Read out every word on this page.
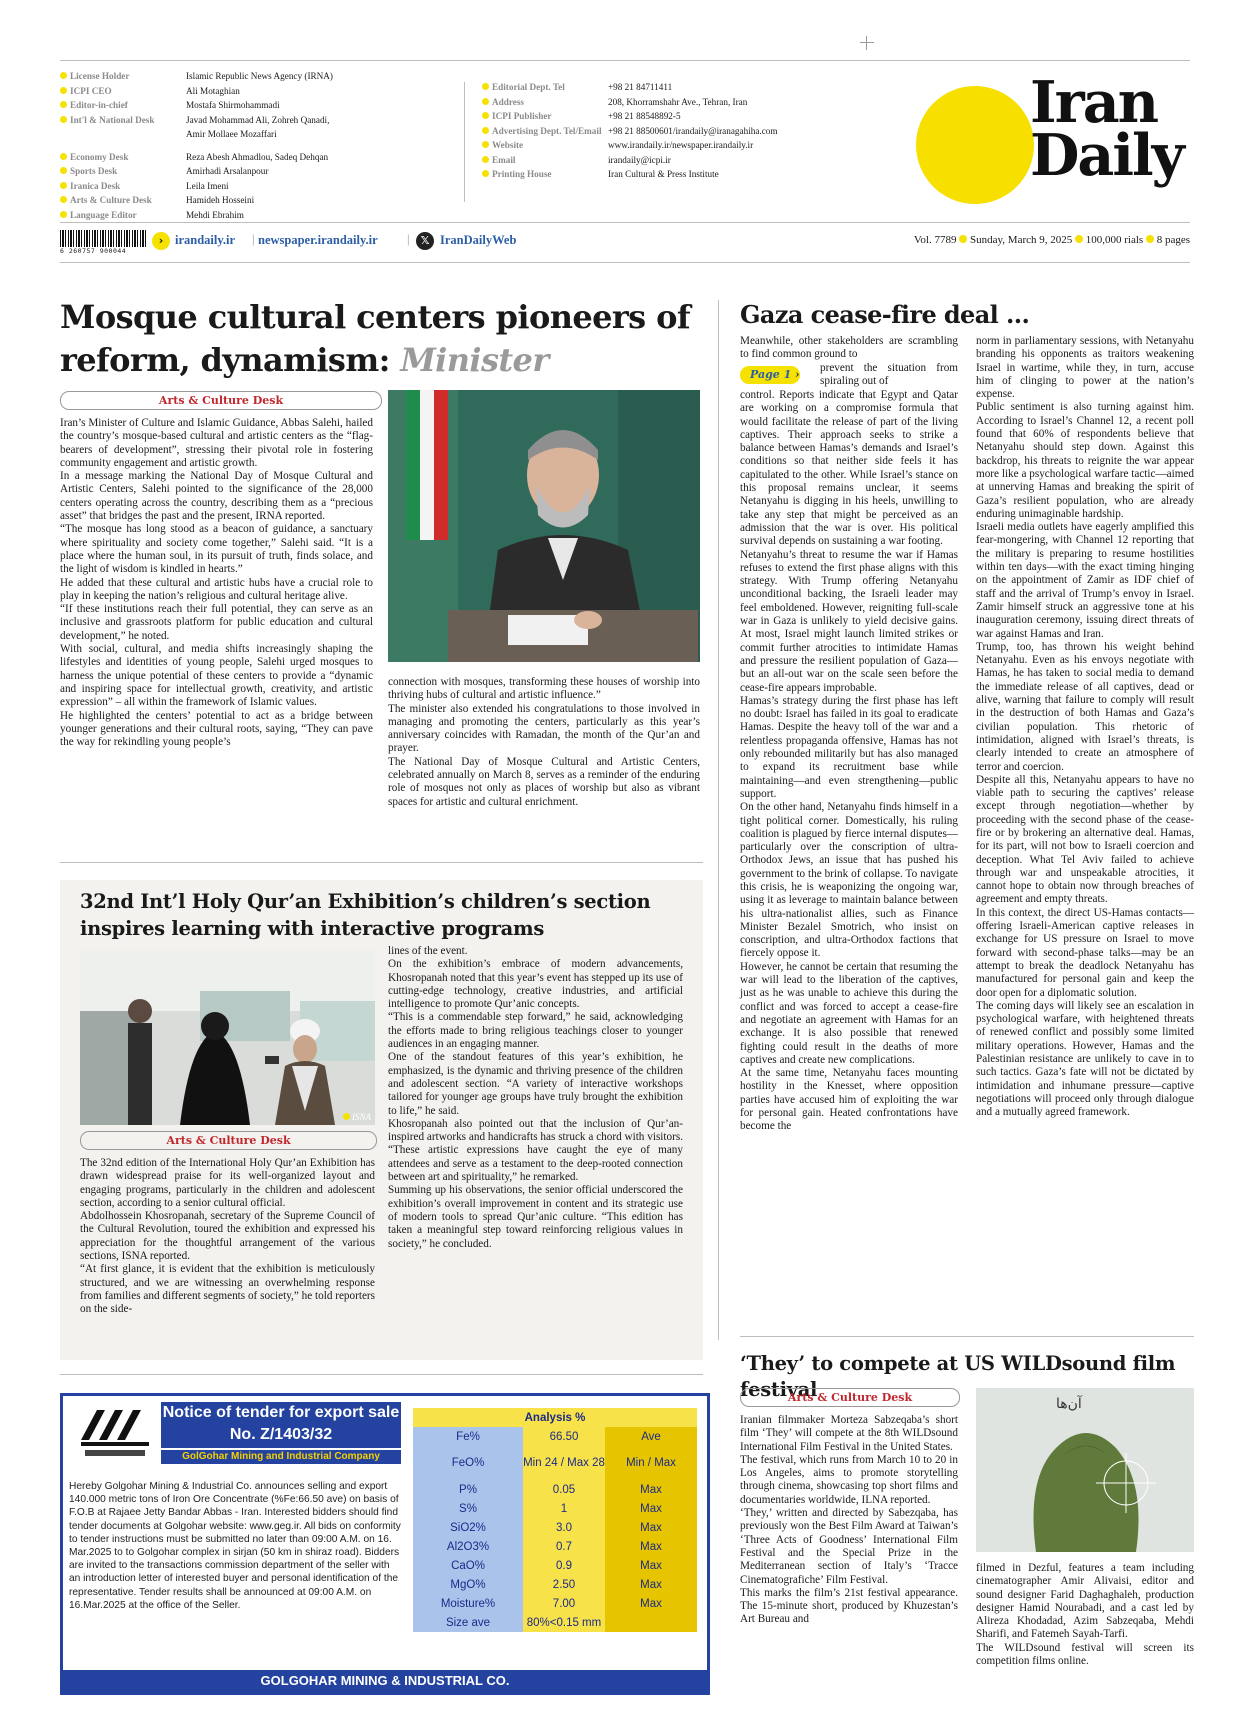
License Holder	Islamic Republic News Agency (IRNA)
ICPI CEO	Ali Motaghian
Editor-in-chief	Mostafa Shirmohammadi
Int'l & National Desk	Javad Mohammad Ali, Zohreh Qanadi,
Amir Mollaee Mozaffari
Economy Desk	Reza Abesh Ahmadlou, Sadeq Dehqan
Sports Desk	Amirhadi Arsalanpour
Iranica Desk	Leila Imeni
Arts & Culture Desk	Hamideh Hosseini
Language Editor	Mehdi Ebrahim
Editorial Dept. Tel	+98 21 84711411
Address	208, Khorramshahr Ave., Tehran, Iran
ICPI Publisher	+98 21 88548892-5
Advertising Dept. Tel/Email +98 21 88500601/irandaily@iranagahiha.com
Website	www.irandaily.ir/newspaper.irandaily.ir
Email	irandaily@icpi.ir
Printing House	Iran Cultural & Press Institute
Iran
Daily
6 260757 900044
› irandaily.ir | newspaper.irandaily.ir |	𝕏 IranDailyWeb	Vol. 7789 Sunday, March 9, 2025 100,000 rials 8 pages
Mosque cultural centers pioneers of reform, dynamism: Minister
Arts & Culture Desk

Iran’s Minister of Culture and Islamic Guidance, Abbas Salehi, hailed the country’s mosque-based cultural and artistic centers as the “flag-bearers of development”, stressing their pivotal role in fostering community engagement and artistic growth.

In a message marking the National Day of Mosque Cultural and Artistic Centers, Salehi pointed to the significance of the 28,000 centers operating across the country, describing them as a “precious asset” that bridges the past and the present, IRNA reported.

“The mosque has long stood as a beacon of guidance, a sanctuary where spirituality and society come together,” Salehi said. “It is a place where the human soul, in its pursuit of truth, finds solace, and the light of wisdom is kindled in hearts.”

He added that these cultural and artistic hubs have a crucial role to play in keeping the nation’s religious and cultural heritage alive.

“If these institutions reach their full potential, they can serve as an inclusive and grassroots platform for public education and cultural development,” he noted.

With social, cultural, and media shifts increasingly shaping the lifestyles and identities of young people, Salehi urged mosques to harness the unique potential of these centers to provide a “dynamic and inspiring space for intellectual growth, creativity, and artistic expression” – all within the framework of Islamic values.

He highlighted the centers’ potential to act as a bridge between younger generations and their cultural roots, saying, “They can pave the way for rekindling young people’s

connection with mosques, transforming these houses of worship into thriving hubs of cultural and artistic influence.”

The minister also extended his congratulations to those involved in managing and promoting the centers, particularly as this year’s anniversary coincides with Ramadan, the month of the Qur’an and prayer.

The National Day of Mosque Cultural and Artistic Centers, celebrated annually on March 8, serves as a reminder of the enduring role of mosques not only as places of worship but also as vibrant spaces for artistic and cultural enrichment.

32nd Int’l Holy Qur’an Exhibition’s children’s section inspires learning with interactive programs
ISNA
Arts & Culture Desk

The 32nd edition of the International Holy Qur’an Exhibition has drawn widespread praise for its well-organized layout and engaging programs, particularly in the children and adolescent section, according to a senior cultural official.

Abdolhossein Khosropanah, secretary of the Supreme Council of the Cultural Revolution, toured the exhibition and expressed his appreciation for the thoughtful arrangement of the various sections, ISNA reported.

“At first glance, it is evident that the exhibition is meticulously structured, and we are witnessing an overwhelming response from families and different segments of society,” he told reporters on the side-

lines of the event.

On the exhibition’s embrace of modern advancements, Khosropanah noted that this year’s event has stepped up its use of cutting-edge technology, creative industries, and artificial intelligence to promote Qur’anic concepts.

“This is a commendable step forward,” he said, acknowledging the efforts made to bring religious teachings closer to younger audiences in an engaging manner.

One of the standout features of this year’s exhibition, he emphasized, is the dynamic and thriving presence of the children and adolescent section. “A variety of interactive workshops tailored for younger age groups have truly brought the exhibition to life,” he said.

Khosropanah also pointed out that the inclusion of Qur’an-inspired artworks and handicrafts has struck a chord with visitors. “These artistic expressions have caught the eye of many attendees and serve as a testament to the deep-rooted connection between art and spirituality,” he remarked.

Summing up his observations, the senior official underscored the exhibition’s overall improvement in content and its strategic use of modern tools to spread Qur’anic culture. “This edition has taken a meaningful step toward reinforcing religious values in society,” he concluded.

Notice of tender for export sale No. Z/1403/32
GolGohar Mining and Industrial Company
Hereby Golgohar Mining & Industrial Co. announces selling and export 140.000 metric tons of Iron Ore Concentrate (%Fe:66.50 ave) on basis of F.O.B at Rajaee Jetty Bandar Abbas - Iran. Interested bidders should find tender documents at Golgohar website: www.geg.ir. All bids on conformity to tender instructions must be submitted no later than 09:00 A.M. on 16. Mar.2025 to to Golgohar complex in sirjan (50 km in shiraz road). Bidders are invited to the transactions commission department of the seller with an introduction letter of interested buyer and personal identification of the representative. Tender results shall be announced at 09:00 A.M. on 16.Mar.2025 at the office of the Seller.
Analysis %		
Fe%	66.50	Ave
FeO%	Min 24 / Max 28	Min / Max
P%	0.05	Max
S%	1	Max
SiO2%	3.0	Max
Al2O3%	0.7	Max
CaO%	0.9	Max
MgO%	2.50	Max
Moisture%	7.00	Max
Size ave	80%<0.15 mm	
GOLGOHAR MINING & INDUSTRIAL CO.
Gaza cease-fire deal ...

Meanwhile, other stakeholders are scrambling to find common ground to

Page 1 › prevent the situation from spiraling out of

control. Reports indicate that Egypt and Qatar are working on a compromise formula that would facilitate the release of part of the living captives. Their approach seeks to strike a balance between Hamas’s demands and Israel’s conditions so that neither side feels it has capitulated to the other. While Israel’s stance on this proposal remains unclear, it seems Netanyahu is digging in his heels, unwilling to take any step that might be perceived as an admission that the war is over. His political survival depends on sustaining a war footing.

Netanyahu’s threat to resume the war if Hamas refuses to extend the first phase aligns with this strategy. With Trump offering Netanyahu unconditional backing, the Israeli leader may feel emboldened. However, reigniting full-scale war in Gaza is unlikely to yield decisive gains. At most, Israel might launch limited strikes or commit further atrocities to intimidate Hamas and pressure the resilient population of Gaza—but an all-out war on the scale seen before the cease-fire appears improbable.

Hamas’s strategy during the first phase has left no doubt: Israel has failed in its goal to eradicate Hamas. Despite the heavy toll of the war and a relentless propaganda offensive, Hamas has not only rebounded militarily but has also managed to expand its recruitment base while maintaining—and even strengthening—public support.

On the other hand, Netanyahu finds himself in a tight political corner. Domestically, his ruling coalition is plagued by fierce internal disputes—particularly over the conscription of ultra-Orthodox Jews, an issue that has pushed his government to the brink of collapse. To navigate this crisis, he is weaponizing the ongoing war, using it as leverage to maintain balance between his ultra-nationalist allies, such as Finance Minister Bezalel Smotrich, who insist on conscription, and ultra-Orthodox factions that fiercely oppose it.

However, he cannot be certain that resuming the war will lead to the liberation of the captives, just as he was unable to achieve this during the conflict and was forced to accept a cease-fire and negotiate an agreement with Hamas for an exchange. It is also possible that renewed fighting could result in the deaths of more captives and create new complications.

At the same time, Netanyahu faces mounting hostility in the Knesset, where opposition parties have accused him of exploiting the war for personal gain. Heated confrontations have become the

norm in parliamentary sessions, with Netanyahu branding his opponents as traitors weakening Israel in wartime, while they, in turn, accuse him of clinging to power at the nation’s expense.

Public sentiment is also turning against him. According to Israel’s Channel 12, a recent poll found that 60% of respondents believe that Netanyahu should step down. Against this backdrop, his threats to reignite the war appear more like a psychological warfare tactic—aimed at unnerving Hamas and breaking the spirit of Gaza’s resilient population, who are already enduring unimaginable hardship.

Israeli media outlets have eagerly amplified this fear-mongering, with Channel 12 reporting that the military is preparing to resume hostilities within ten days—with the exact timing hinging on the appointment of Zamir as IDF chief of staff and the arrival of Trump’s envoy in Israel. Zamir himself struck an aggressive tone at his inauguration ceremony, issuing direct threats of war against Hamas and Iran.

Trump, too, has thrown his weight behind Netanyahu. Even as his envoys negotiate with Hamas, he has taken to social media to demand the immediate release of all captives, dead or alive, warning that failure to comply will result in the destruction of both Hamas and Gaza’s civilian population. This rhetoric of intimidation, aligned with Israel’s threats, is clearly intended to create an atmosphere of terror and coercion.

Despite all this, Netanyahu appears to have no viable path to securing the captives’ release except through negotiation—whether by proceeding with the second phase of the cease-fire or by brokering an alternative deal. Hamas, for its part, will not bow to Israeli coercion and deception. What Tel Aviv failed to achieve through war and unspeakable atrocities, it cannot hope to obtain now through breaches of agreement and empty threats.

In this context, the direct US-Hamas contacts—offering Israeli-American captive releases in exchange for US pressure on Israel to move forward with second-phase talks—may be an attempt to break the deadlock Netanyahu has manufactured for personal gain and keep the door open for a diplomatic solution.

The coming days will likely see an escalation in psychological warfare, with heightened threats of renewed conflict and possibly some limited military operations. However, Hamas and the Palestinian resistance are unlikely to cave in to such tactics. Gaza’s fate will not be dictated by intimidation and inhumane pressure—captive negotiations will proceed only through dialogue and a mutually agreed framework.

‘They’ to compete at US WILDsound film festival
Arts & Culture Desk	آن‌ها

Iranian filmmaker Morteza Sabzeqaba’s short film ‘They’ will compete at the 8th WILDsound International Film Festival in the United States.

The festival, which runs from March 10 to 20 in Los Angeles, aims to promote storytelling through cinema, showcasing top short films and documentaries worldwide, ILNA reported.

‘They,’ written and directed by Sabezqaba, has previously won the Best Film Award at Taiwan’s ‘Three Acts of Goodness’ International Film Festival and the Special Prize in the Mediterranean section of Italy’s ‘Tracce Cinematografiche’ Film Festival.

This marks the film’s 21st festival appearance. The 15-minute short, produced by Khuzestan’s Art Bureau and

filmed in Dezful, features a team including cinematographer Amir Alivaisi, editor and sound designer Farid Daghaghaleh, production designer Hamid Nourabadi, and a cast led by Alireza Khodadad, Azim Sabzeqaba, Mehdi Sharifi, and Fatemeh Sayah-Tarfi.

The WILDsound festival will screen its competition films online.
